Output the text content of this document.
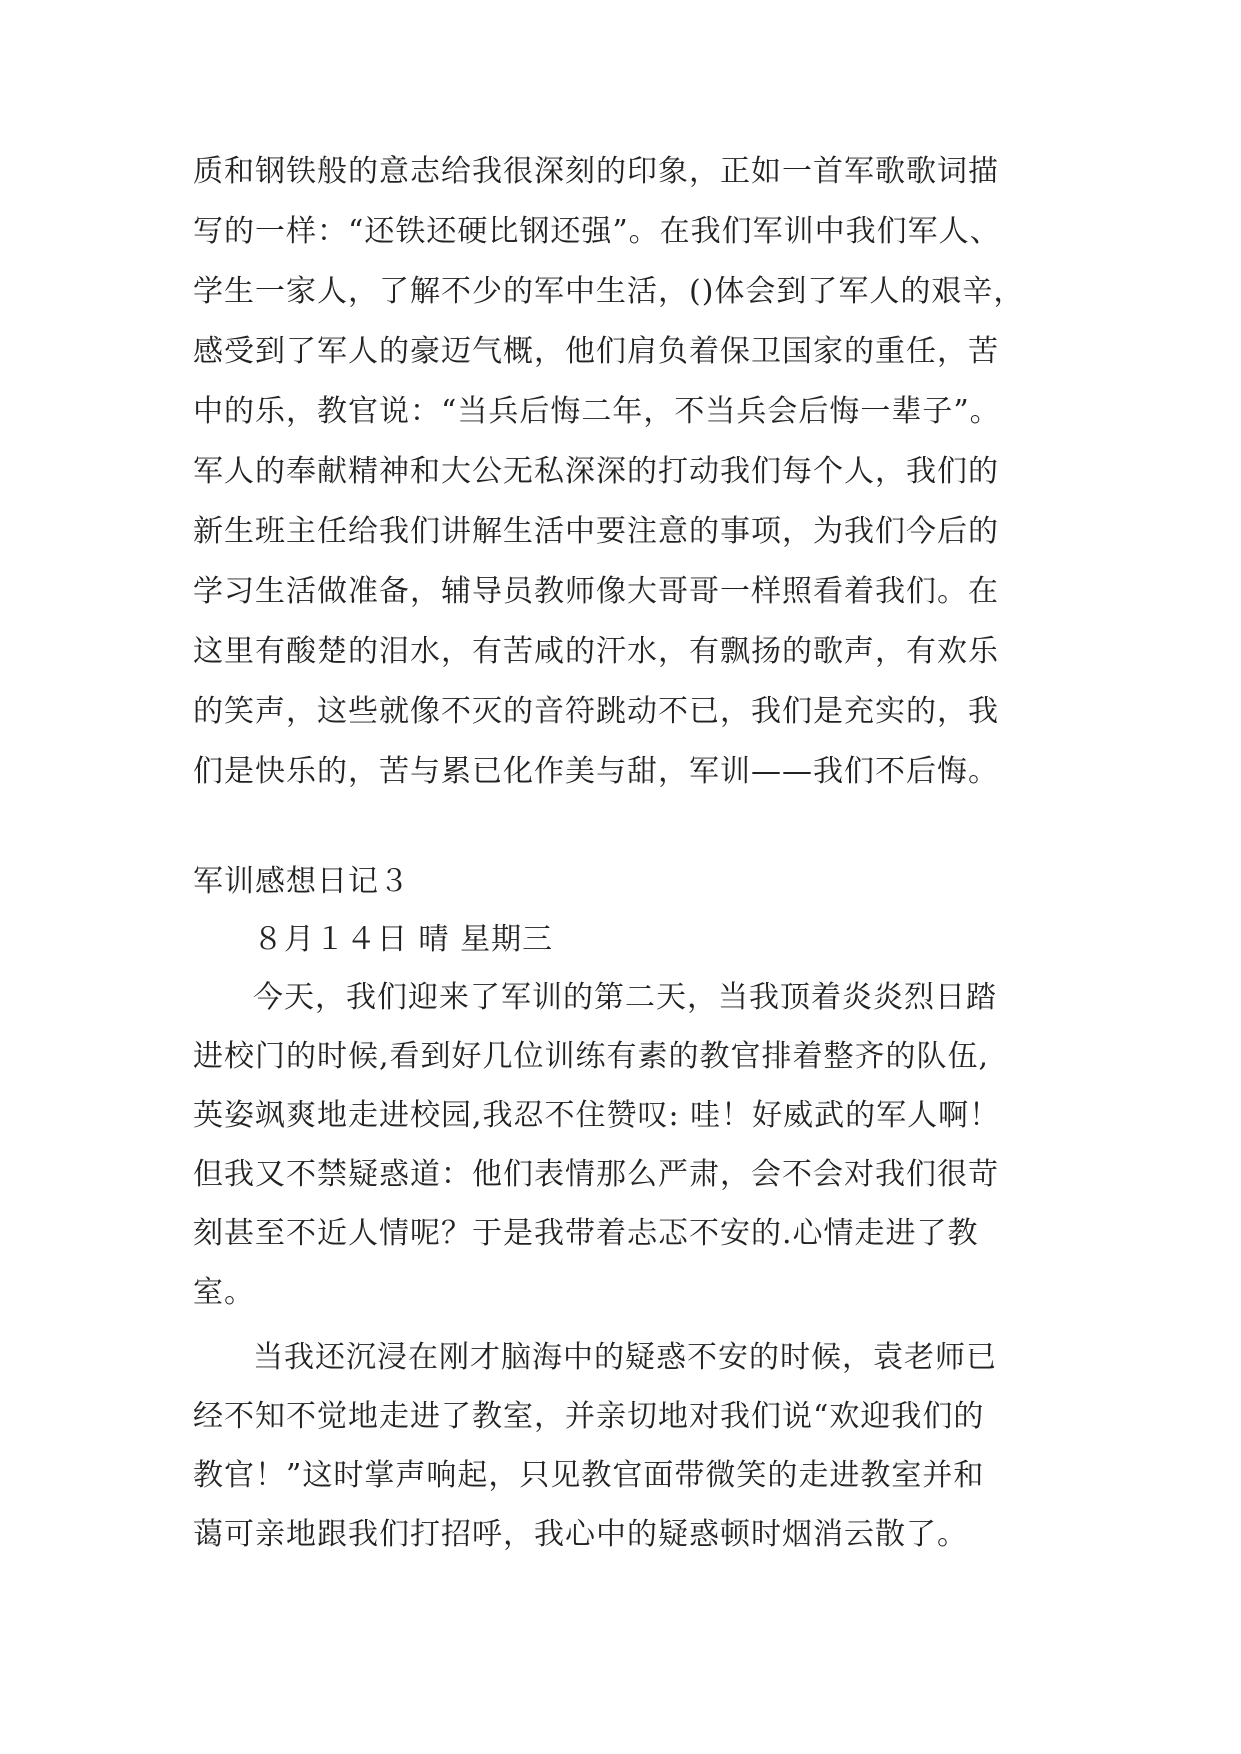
质和钢铁般的意志给我很深刻的印象，正如一首军歌歌词描
写的一样：“还铁还硬比钢还强”。在我们军训中我们军人、
学生一家人，了解不少的军中生活，()体会到了军人的艰辛，
感受到了军人的豪迈气概，他们肩负着保卫国家的重任，苦
中的乐，教官说：“当兵后悔二年，不当兵会后悔一辈子”。
军人的奉献精神和大公无私深深的打动我们每个人，我们的
新生班主任给我们讲解生活中要注意的事项，为我们今后的
学习生活做准备，辅导员教师像大哥哥一样照看着我们。在
这里有酸楚的泪水，有苦咸的汗水，有飘扬的歌声，有欢乐
的笑声，这些就像不灭的音符跳动不已，我们是充实的，我
们是快乐的，苦与累已化作美与甜，军训——我们不后悔。
军训感想日记３
８月１４日 晴 星期三
今天，我们迎来了军训的第二天，当我顶着炎炎烈日踏
进校门的时候,看到好几位训练有素的教官排着整齐的队伍,
英姿飒爽地走进校园,我忍不住赞叹: 哇！好威武的军人啊！
但我又不禁疑惑道：他们表情那么严肃，会不会对我们很苛
刻甚至不近人情呢？于是我带着忐忑不安的.心情走进了教
室。
当我还沉浸在刚才脑海中的疑惑不安的时候，袁老师已
经不知不觉地走进了教室，并亲切地对我们说“欢迎我们的
教官！”这时掌声响起，只见教官面带微笑的走进教室并和
蔼可亲地跟我们打招呼，我心中的疑惑顿时烟消云散了。
